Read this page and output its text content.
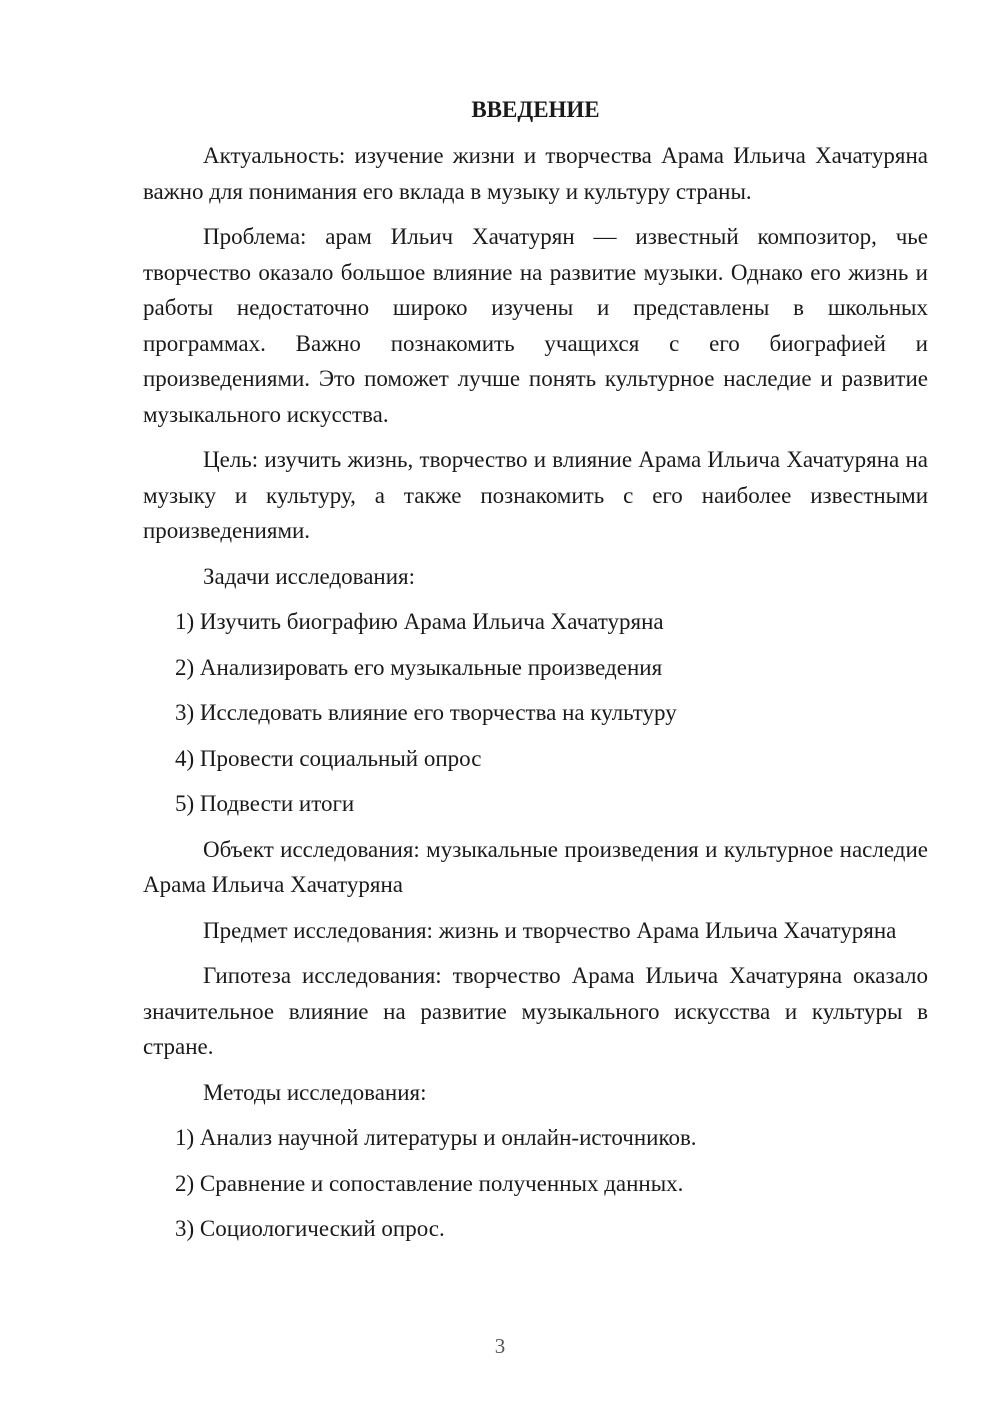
ВВЕДЕНИЕ

Актуальность: изучение жизни и творчества Арама Ильича Хачатуряна важно для понимания его вклада в музыку и культуру страны.

Проблема: арам Ильич Хачатурян — известный композитор, чье творчество оказало большое влияние на развитие музыки. Однако его жизнь и работы недостаточно широко изучены и представлены в школьных программах. Важно познакомить учащихся с его биографией и произведениями. Это поможет лучше понять культурное наследие и развитие музыкального искусства.

Цель: изучить жизнь, творчество и влияние Арама Ильича Хачатуряна на музыку и культуру, а также познакомить с его наиболее известными произведениями.

Задачи исследования:

1) Изучить биографию Арама Ильича Хачатуряна
2) Анализировать его музыкальные произведения
3) Исследовать влияние его творчества на культуру
4) Провести социальный опрос
5) Подвести итоги

Объект исследования: музыкальные произведения и культурное наследие Арама Ильича Хачатуряна

Предмет исследования: жизнь и творчество Арама Ильича Хачатуряна

Гипотеза исследования: творчество Арама Ильича Хачатуряна оказало значительное влияние на развитие музыкального искусства и культуры в стране.

Методы исследования:

1) Анализ научной литературы и онлайн-источников.
2) Сравнение и сопоставление полученных данных.
3) Социологический опрос.
3
